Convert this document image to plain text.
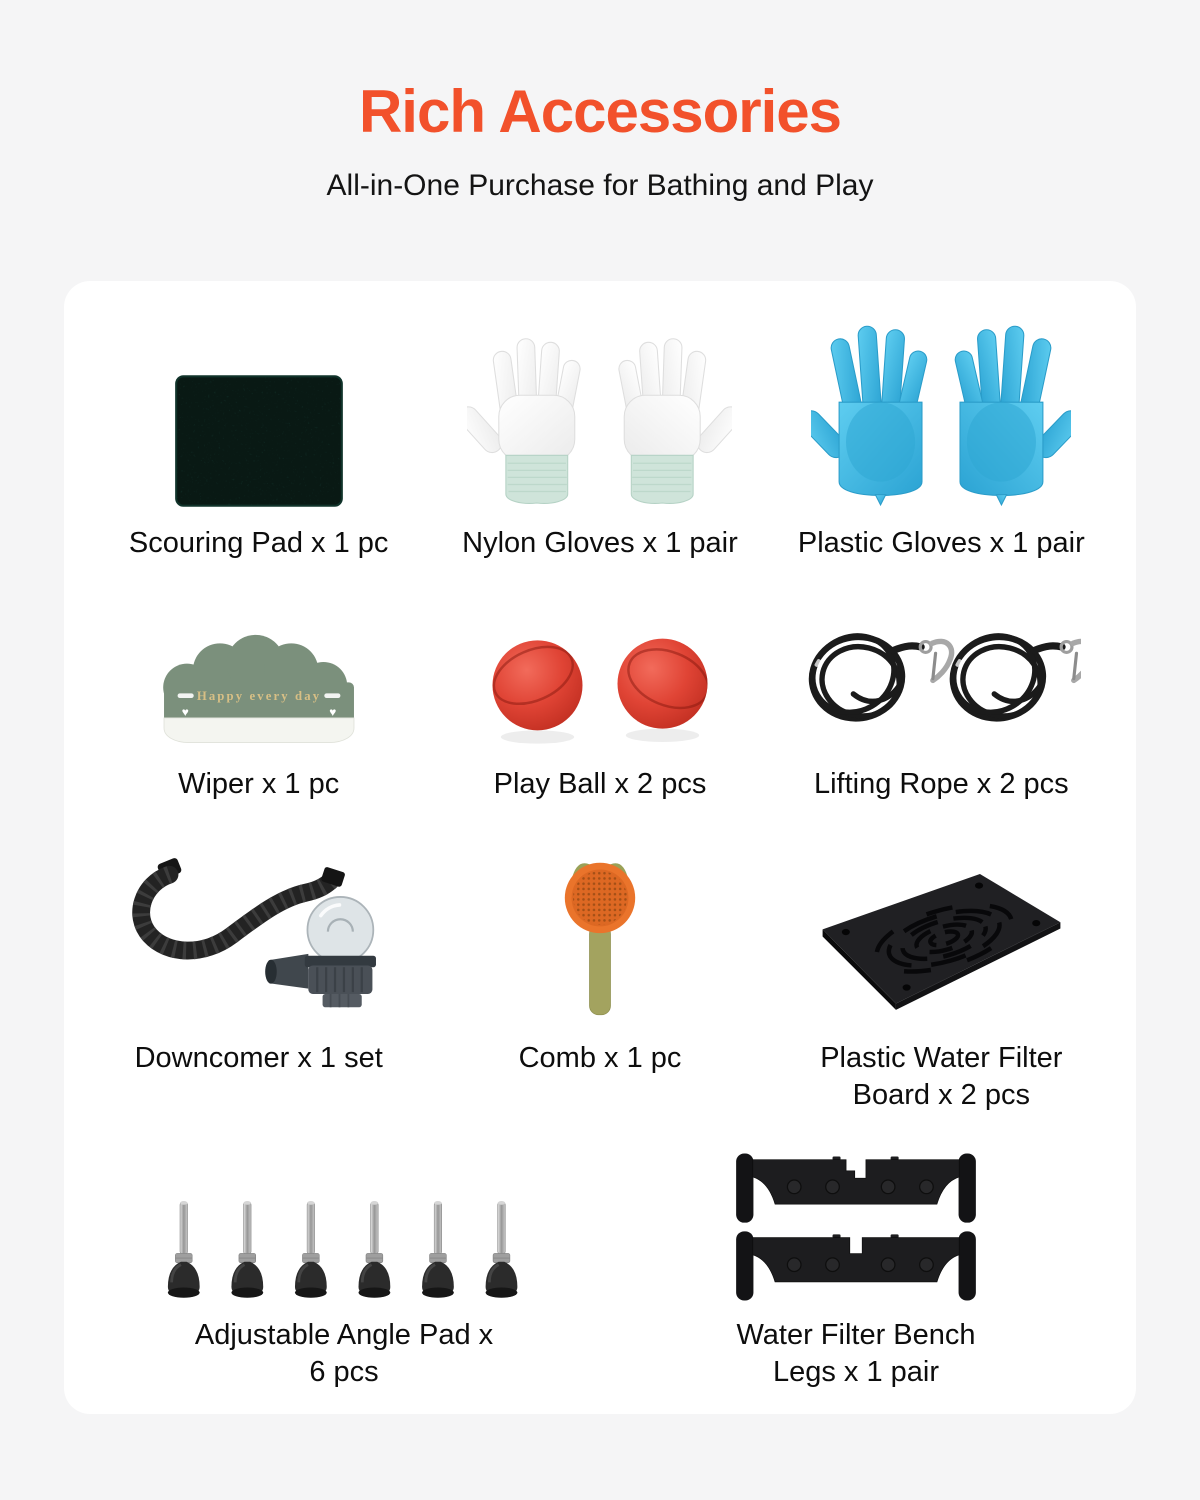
Rich Accessories
All-in-One Purchase for Bathing and Play
Scouring Pad x 1 pc	Nylon Gloves x 1 pair Plastic Gloves x 1 pair
Happy every day
♥	♥
Wiper x 1 pc	Play Ball x 2 pcs	Lifting Rope x 2 pcs
Downcomer x 1 set	Comb x 1 pc	Plastic Water Filter Board x 2 pcs
Adjustable Angle Pad x 6 pcs
Water Filter Bench Legs x 1 pair
